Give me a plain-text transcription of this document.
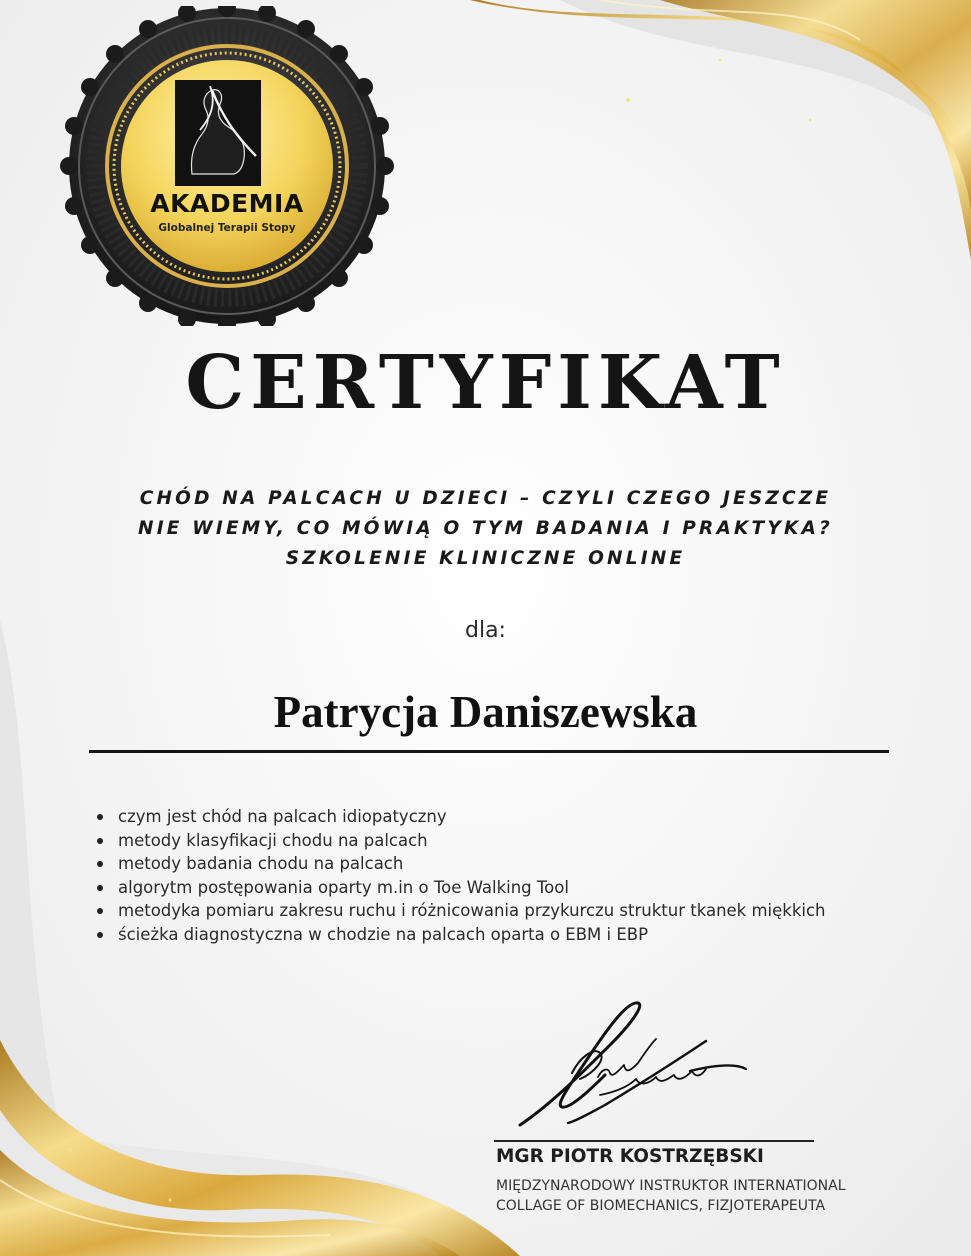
AKADEMIA
Globalnej Terapii Stopy
CERTYFIKAT
CHÓD NA PALCACH U DZIECI – CZYLI CZEGO JESZCZE
NIE WIEMY, CO MÓWIĄ O TYM BADANIA I PRAKTYKA?
SZKOLENIE KLINICZNE ONLINE
dla:
Patrycja Daniszewska
czym jest chód na palcach idiopatyczny
metody klasyfikacji chodu na palcach
metody badania chodu na palcach
algorytm postępowania oparty m.in o Toe Walking Tool
metodyka pomiaru zakresu ruchu i różnicowania przykurczu struktur tkanek miękkich
ścieżka diagnostyczna w chodzie na palcach oparta o EBM i EBP
MGR PIOTR KOSTRZĘBSKI
MIĘDZYNARODOWY INSTRUKTOR INTERNATIONAL
COLLAGE OF BIOMECHANICS, FIZJOTERAPEUTA
